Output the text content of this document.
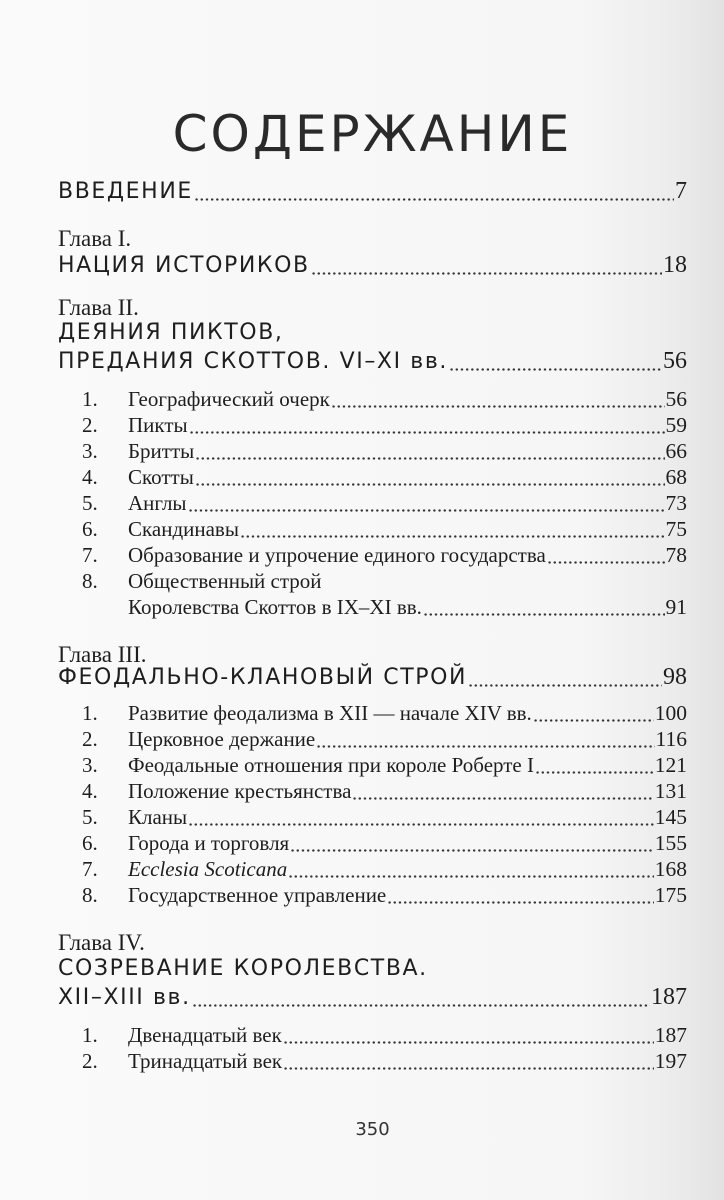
СОДЕРЖАНИЕ
ВВЕДЕНИЕ	7
Глава I.
НАЦИЯ ИСТОРИКОВ	18
Глава II.
ДЕЯНИЯ ПИКТОВ,
ПРЕДАНИЯ СКОТТОВ. VI–XI вв.	56
1.	Географический очерк	56
2.	Пикты	59
3.	Бритты	66
4.	Скотты	68
5.	Англы	73
6.	Скандинавы	75
7.	Образование и упрочение единого государства	78
8.	Общественный строй
Королевства Скоттов в IX–XI вв.	91
Глава III.
ФЕОДАЛЬНО-КЛАНОВЫЙ СТРОЙ	98
1.	Развитие феодализма в XII — начале XIV вв.	100
2.	Церковное держание	116
3.	Феодальные отношения при короле Роберте I	121
4.	Положение крестьянства	131
5.	Кланы	145
6.	Города и торговля	155
7.	Ecclesia Scoticana	168
8.	Государственное управление	175
Глава IV.
СОЗРЕВАНИЕ КОРОЛЕВСТВА.
XII–XIII вв.	187
1.	Двенадцатый век	187
2.	Тринадцатый век	197
350
